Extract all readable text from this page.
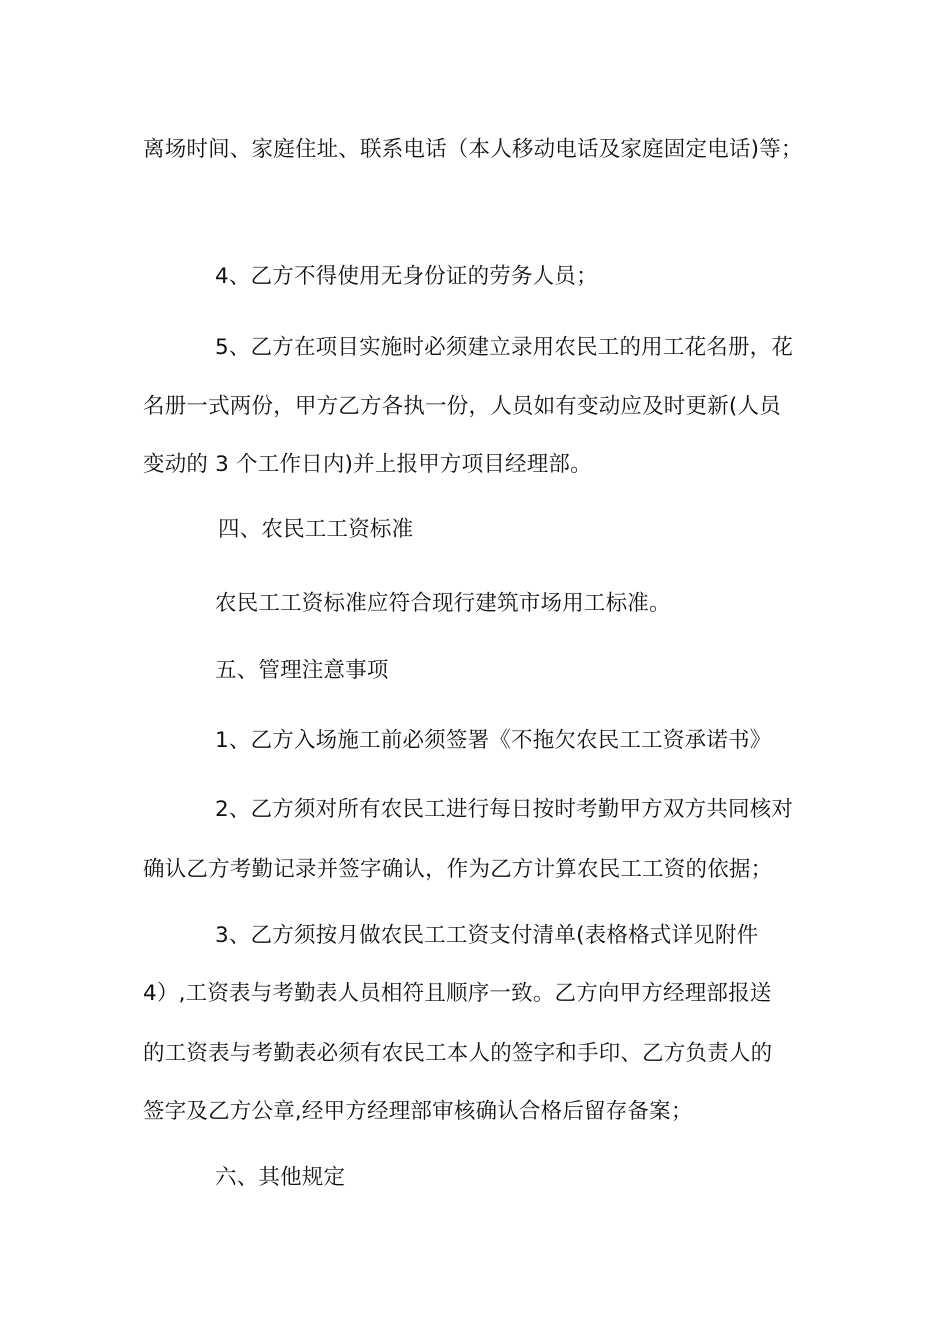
离场时间、家庭住址、联系电话（本人移动电话及家庭固定电话)等；
4、乙方不得使用无身份证的劳务人员；
5、乙方在项目实施时必须建立录用农民工的用工花名册，花
名册一式两份，甲方乙方各执一份，人员如有变动应及时更新(人员
变动的 3 个工作日内)并上报甲方项目经理部。
四、农民工工资标准
农民工工资标准应符合现行建筑市场用工标准。
五、管理注意事项
1、乙方入场施工前必须签署《不拖欠农民工工资承诺书》
2、乙方须对所有农民工进行每日按时考勤甲方双方共同核对
确认乙方考勤记录并签字确认，作为乙方计算农民工工资的依据；
3、乙方须按月做农民工工资支付清单(表格格式详见附件
4）,工资表与考勤表人员相符且顺序一致。乙方向甲方经理部报送
的工资表与考勤表必须有农民工本人的签字和手印、乙方负责人的
签字及乙方公章,经甲方经理部审核确认合格后留存备案；
六、其他规定
